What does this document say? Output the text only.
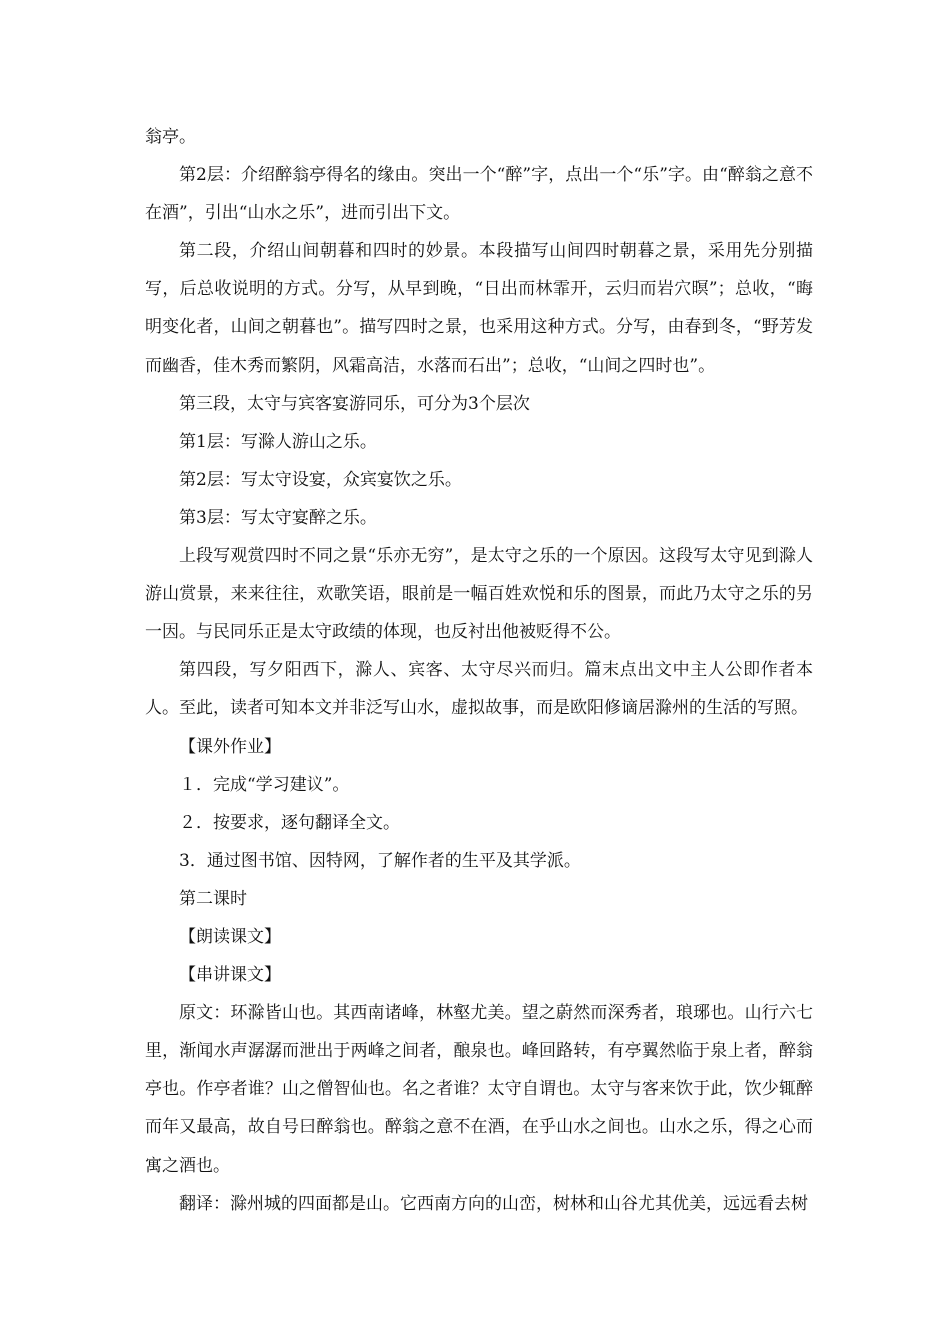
翁亭。

第2层：介绍醉翁亭得名的缘由。突出一个“醉”字，点出一个“乐”字。由“醉翁之意不在酒”，引出“山水之乐”，进而引出下文。

第二段，介绍山间朝暮和四时的妙景。本段描写山间四时朝暮之景，采用先分别描写，后总收说明的方式。分写，从早到晚，“日出而林霏开，云归而岩穴暝”；总收，“晦明变化者，山间之朝暮也”。描写四时之景，也采用这种方式。分写，由春到冬，“野芳发而幽香，佳木秀而繁阴，风霜高洁，水落而石出”；总收，“山间之四时也”。

第三段，太守与宾客宴游同乐，可分为3个层次

第1层：写滁人游山之乐。

第2层：写太守设宴，众宾宴饮之乐。

第3层：写太守宴醉之乐。

上段写观赏四时不同之景“乐亦无穷”，是太守之乐的一个原因。这段写太守见到滁人游山赏景，来来往往，欢歌笑语，眼前是一幅百姓欢悦和乐的图景，而此乃太守之乐的另一因。与民同乐正是太守政绩的体现，也反衬出他被贬得不公。

第四段，写夕阳西下，滁人、宾客、太守尽兴而归。篇末点出文中主人公即作者本人。至此，读者可知本文并非泛写山水，虚拟故事，而是欧阳修谪居滁州的生活的写照。

【课外作业】

１．完成“学习建议”。

２．按要求，逐句翻译全文。

3．通过图书馆、因特网，了解作者的生平及其学派。

第二课时

【朗读课文】

【串讲课文】

原文：环滁皆山也。其西南诸峰，林壑尤美。望之蔚然而深秀者，琅琊也。山行六七里，渐闻水声潺潺而泄出于两峰之间者，酿泉也。峰回路转，有亭翼然临于泉上者，醉翁亭也。作亭者谁？山之僧智仙也。名之者谁？太守自谓也。太守与客来饮于此，饮少辄醉而年又最高，故自号曰醉翁也。醉翁之意不在酒，在乎山水之间也。山水之乐，得之心而寓之酒也。

翻译：滁州城的四面都是山。它西南方向的山峦，树林和山谷尤其优美，远远看去树
